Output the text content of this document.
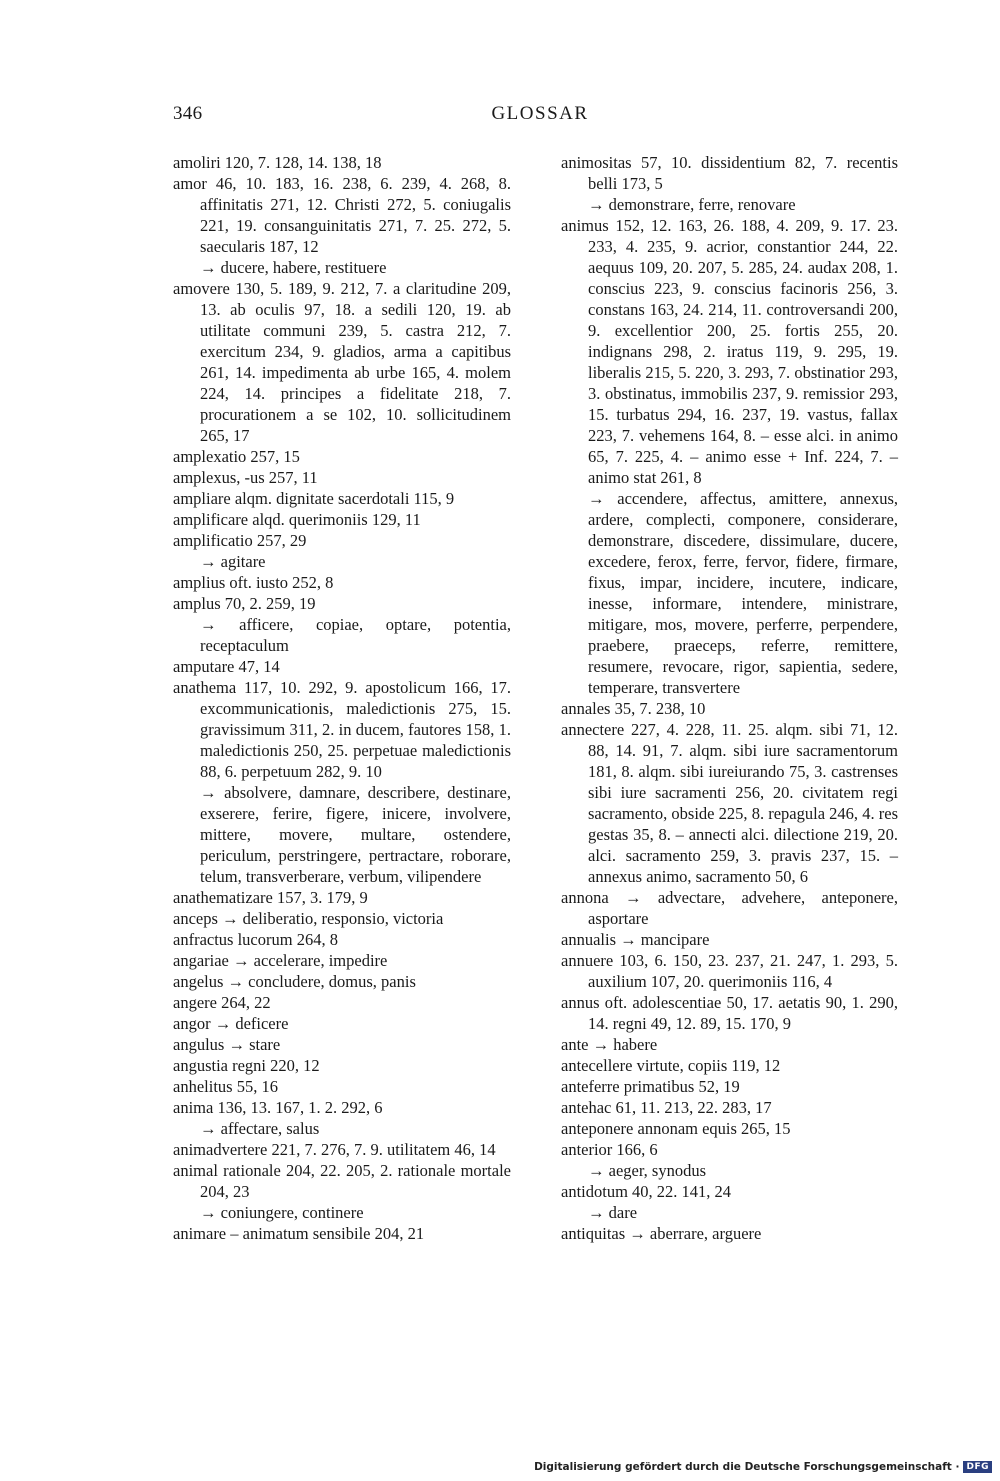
346	GLOSSAR

amoliri 120, 7. 128, 14. 138, 18

amor 46, 10. 183, 16. 238, 6. 239, 4. 268, 8. affinitatis 271, 12. Christi 272, 5. coniugalis 221, 19. consanguinitatis 271, 7. 25. 272, 5. saecularis 187, 12

→ ducere, habere, restituere

amovere 130, 5. 189, 9. 212, 7. a claritudine 209, 13. ab oculis 97, 18. a sedili 120, 19. ab utilitate communi 239, 5. castra 212, 7. exercitum 234, 9. gladios, arma a capitibus 261, 14. impedimenta ab urbe 165, 4. molem 224, 14. principes a fidelitate 218, 7. procurationem a se 102, 10. sollicitudinem 265, 17

amplexatio 257, 15

amplexus, -us 257, 11

ampliare alqm. dignitate sacerdotali 115, 9

amplificare alqd. querimoniis 129, 11

amplificatio 257, 29

→ agitare

amplius oft. iusto 252, 8

amplus 70, 2. 259, 19

→ afficere, copiae, optare, potentia, receptaculum

amputare 47, 14

anathema 117, 10. 292, 9. apostolicum 166, 17. excommunicationis, maledictionis 275, 15. gravissimum 311, 2. in ducem, fautores 158, 1. maledictionis 250, 25. perpetuae maledictionis 88, 6. perpetuum 282, 9. 10

→ absolvere, damnare, describere, destinare, exserere, ferire, figere, inicere, involvere, mittere, movere, multare, ostendere, periculum, perstringere, pertractare, roborare, telum, transverberare, verbum, vilipendere

anathematizare 157, 3. 179, 9

anceps → deliberatio, responsio, victoria

anfractus lucorum 264, 8

angariae → accelerare, impedire

angelus → concludere, domus, panis

angere 264, 22

angor → deficere

angulus → stare

angustia regni 220, 12

anhelitus 55, 16

anima 136, 13. 167, 1. 2. 292, 6

→ affectare, salus

animadvertere 221, 7. 276, 7. 9. utilitatem 46, 14

animal rationale 204, 22. 205, 2. rationale mortale 204, 23

→ coniungere, continere

animare – animatum sensibile 204, 21

animositas 57, 10. dissidentium 82, 7. recentis belli 173, 5

→ demonstrare, ferre, renovare

animus 152, 12. 163, 26. 188, 4. 209, 9. 17. 23. 233, 4. 235, 9. acrior, constantior 244, 22. aequus 109, 20. 207, 5. 285, 24. audax 208, 1. conscius 223, 9. conscius facinoris 256, 3. constans 163, 24. 214, 11. controversandi 200, 9. excellentior 200, 25. fortis 255, 20. indignans 298, 2. iratus 119, 9. 295, 19. liberalis 215, 5. 220, 3. 293, 7. obstinatior 293, 3. obstinatus, immobilis 237, 9. remissior 293, 15. turbatus 294, 16. 237, 19. vastus, fallax 223, 7. vehemens 164, 8. – esse alci. in animo 65, 7. 225, 4. – animo esse + Inf. 224, 7. – animo stat 261, 8

→ accendere, affectus, amittere, annexus, ardere, complecti, componere, considerare, demonstrare, discedere, dissimulare, ducere, excedere, ferox, ferre, fervor, fidere, firmare, fixus, impar, incidere, incutere, indicare, inesse, informare, intendere, ministrare, mitigare, mos, movere, perferre, perpendere, praebere, praeceps, referre, remittere, resumere, revocare, rigor, sapientia, sedere, temperare, transvertere

annales 35, 7. 238, 10

annectere 227, 4. 228, 11. 25. alqm. sibi 71, 12. 88, 14. 91, 7. alqm. sibi iure sacramentorum 181, 8. alqm. sibi iureiurando 75, 3. castrenses sibi iure sacramenti 256, 20. civitatem regi sacramento, obside 225, 8. repagula 246, 4. res gestas 35, 8. – annecti alci. dilectione 219, 20. alci. sacramento 259, 3. pravis 237, 15. – annexus animo, sacramento 50, 6

annona → advectare, advehere, anteponere, asportare

annualis → mancipare

annuere 103, 6. 150, 23. 237, 21. 247, 1. 293, 5. auxilium 107, 20. querimoniis 116, 4

annus oft. adolescentiae 50, 17. aetatis 90, 1. 290, 14. regni 49, 12. 89, 15. 170, 9

ante → habere

antecellere virtute, copiis 119, 12

anteferre primatibus 52, 19

antehac 61, 11. 213, 22. 283, 17

anteponere annonam equis 265, 15

anterior 166, 6

→ aeger, synodus

antidotum 40, 22. 141, 24

→ dare

antiquitas → aberrare, arguere

Digitalisierung gefördert durch die Deutsche Forschungsgemeinschaft · DFG
